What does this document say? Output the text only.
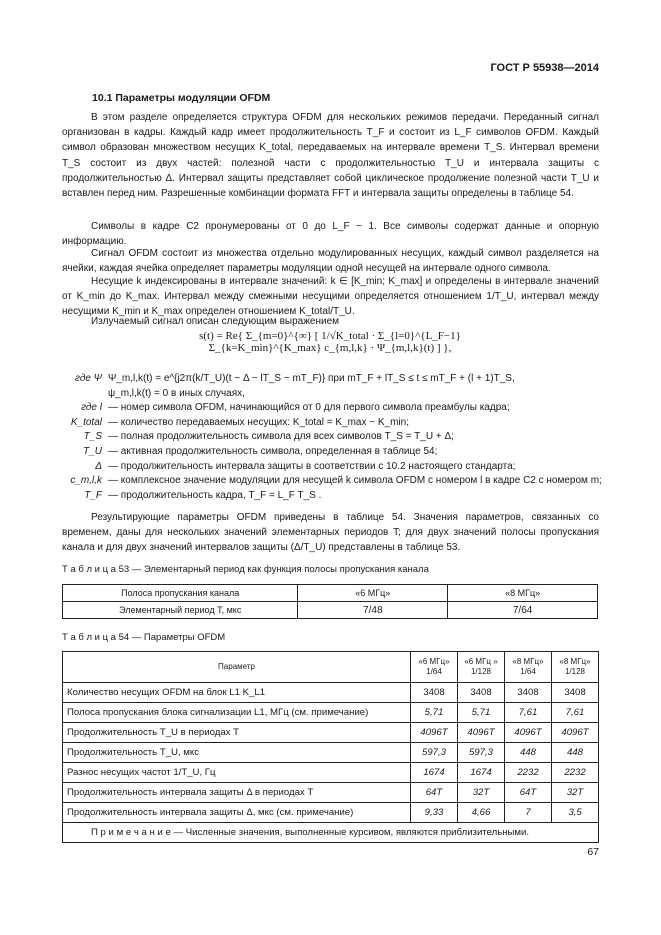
ГОСТ Р 55938—2014
10.1 Параметры модуляции OFDM
В этом разделе определяется структура OFDM для нескольких режимов передачи. Переданный сигнал организован в кадры. Каждый кадр имеет продолжительность T_F и состоит из L_F символов OFDM. Каждый символ образован множеством несущих K_total, передаваемых на интервале времени T_S. Интервал времени T_S состоит из двух частей: полезной части с продолжительностью T_U и интервала защиты с продолжительностью Δ. Интервал защиты представляет собой циклическое продолжение полезной части T_U и вставлен перед ним. Разрешенные комбинации формата FFT и интервала защиты определены в таблице 54.
Символы в кадре C2 пронумерованы от 0 до L_F − 1. Все символы содержат данные и опорную информацию.
Сигнал OFDM состоит из множества отдельно модулированных несущих, каждый символ разделяется на ячейки, каждая ячейка определяет параметры модуляции одной несущей на интервале одного символа.
Несущие k индексированы в интервале значений: k ∈ [K_min; K_max] и определены в интервале значений от K_min до K_max. Интервал между смежными несущими определяется отношением 1/T_U, интервал между несущими K_min и K_max определен отношением K_total/T_U.
Излучаемый сигнал описан следующим выражением
s(t) = Re{ Σ_{m=0}^{∞} [ 1/√K_total · Σ_{l=0}^{L_F−1} Σ_{k=K_min}^{K_max} c_{m,l,k} · Ψ_{m,l,k}(t) ] },
где Ψ Ψ_m,l,k(t) = e^{j2π(k/T_U)(t − Δ − lT_S − mT_F)} при mT_F + lT_S ≤ t ≤ mT_F + (l + 1)T_S,
ψ_m,l,k(t) = 0 в иных случаях,
где l — номер символа OFDM, начинающийся от 0 для первого символа преамбулы кадра;
K_total — количество передаваемых несущих: K_total = K_max − K_min;
T_S — полная продолжительность символа для всех символов T_S = T_U + Δ;
T_U — активная продолжительность символа, определенная в таблице 54;
Δ — продолжительность интервала защиты в соответствии с 10.2 настоящего стандарта;
c_m,l,k — комплексное значение модуляции для несущей k символа OFDM с номером l в кадре C2 с номером m;
T_F — продолжительность кадра, T_F = L_F T_S .
Результирующие параметры OFDM приведены в таблице 54. Значения параметров, связанных со временем, даны для нескольких значений элементарных периодов T; для двух значений полосы пропускания канала и для двух значений интервалов защиты (Δ/T_U) представлены в таблице 53.
Т а б л и ц а 53 — Элементарный период как функция полосы пропускания канала
Полоса пропускания канала	«6 МГц»	«8 МГц»
Элементарный период T, мкс	7/48	7/64
Т а б л и ц а 54 — Параметры OFDM
Параметр	«6 МГц» 1/64	«6 МГц » 1/128	«8 МГц» 1/64	«8 МГц» 1/128
Количество несущих OFDM на блок L1 K_L1	3408	3408	3408	3408
Полоса пропускания блока сигнализации L1, МГц (см. примечание)	5,71	5,71	7,61	7,61
Продолжительность T_U в периодах T	4096T	4096T	4096T	4096T
Продолжительность T_U, мкс	597,3	597,3	448	448
Разнос несущих частот 1/T_U, Гц	1674	1674	2232	2232
Продолжительность интервала защиты Δ в периодах T	64T	32T	64T	32T
Продолжительность интервала защиты Δ, мкс (см. примечание)	9,33	4,66	7	3,5
П р и м е ч а н и е — Численные значения, выполненные курсивом, являются приблизительными.				
67
